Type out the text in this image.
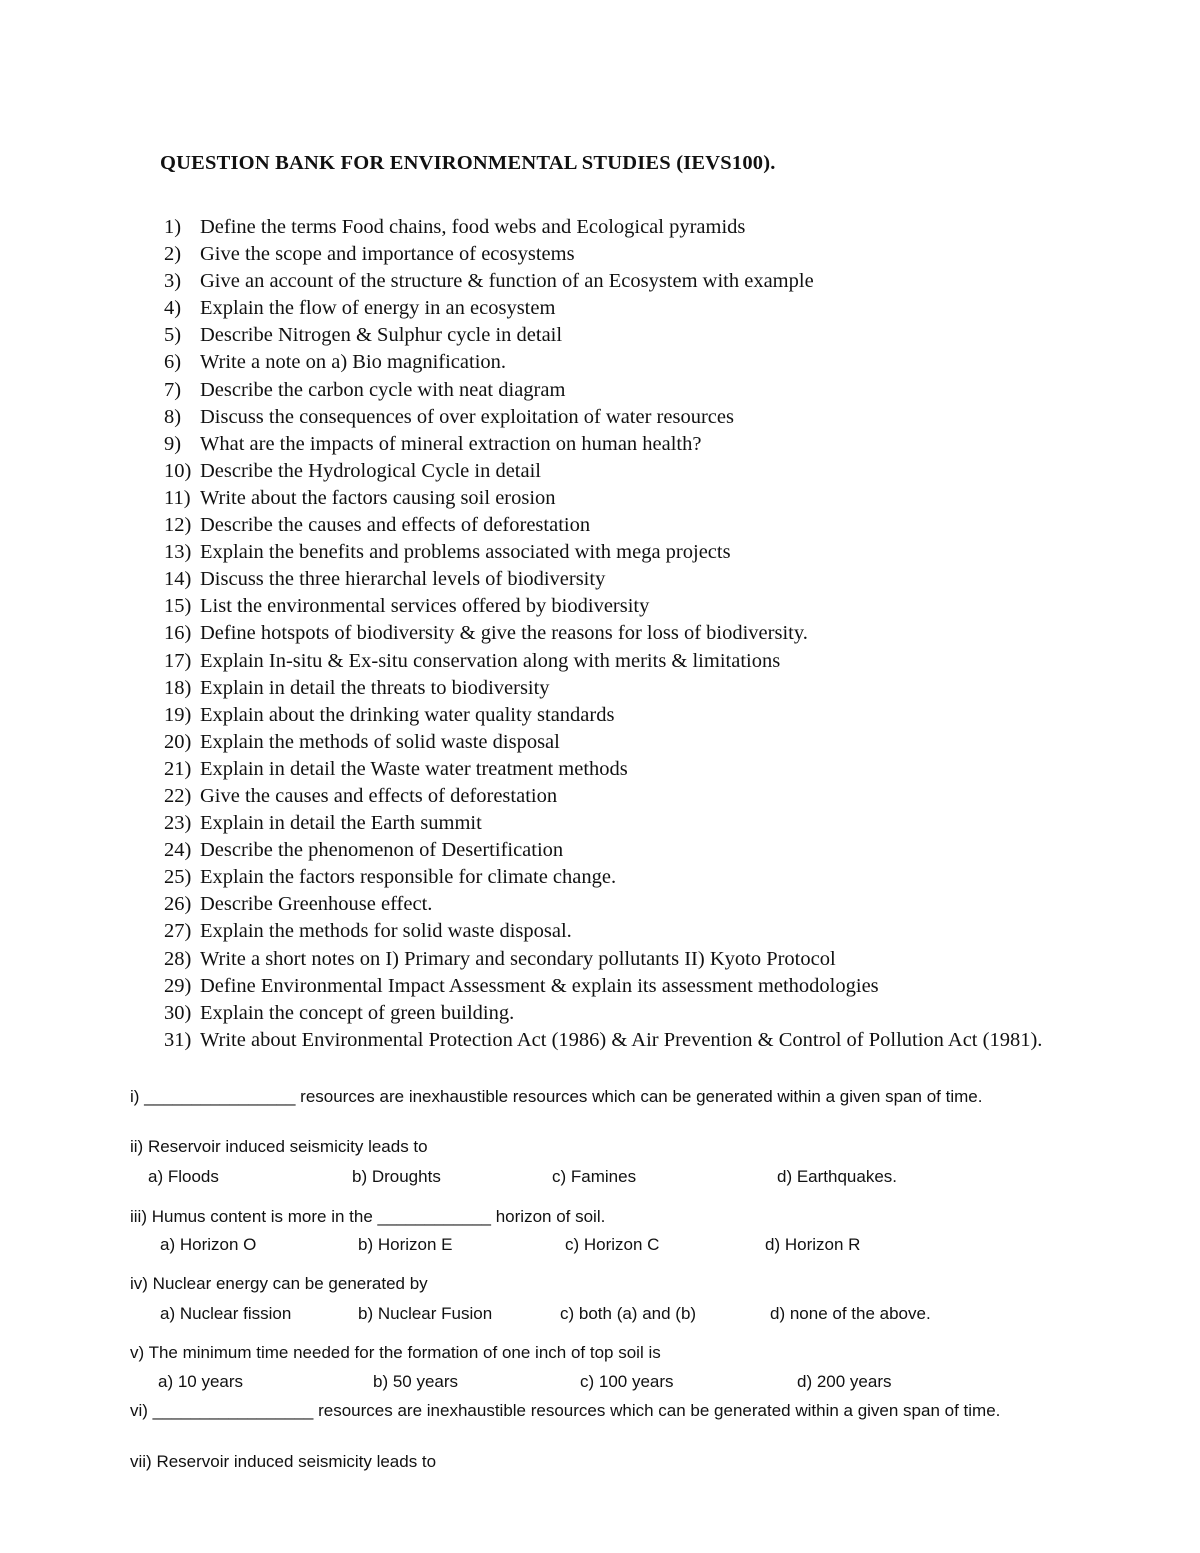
QUESTION BANK FOR ENVIRONMENTAL STUDIES (IEVS100).
1) Define the terms Food chains, food webs and Ecological pyramids
2) Give the scope and importance of ecosystems
3) Give an account of the structure & function of an Ecosystem with example
4) Explain the flow of energy in an ecosystem
5) Describe Nitrogen & Sulphur cycle in detail
6) Write a note on a) Bio magnification.
7) Describe the carbon cycle with neat diagram
8) Discuss the consequences of over exploitation of water resources
9) What are the impacts of mineral extraction on human health?
10) Describe the Hydrological Cycle in detail
11) Write about the factors causing soil erosion
12) Describe the causes and effects of deforestation
13) Explain the benefits and problems associated with mega projects
14) Discuss the three hierarchal levels of biodiversity
15) List the environmental services offered by biodiversity
16) Define hotspots of biodiversity & give the reasons for loss of biodiversity.
17) Explain In-situ & Ex-situ conservation along with merits & limitations
18) Explain in detail the threats to biodiversity
19) Explain about the drinking water quality standards
20) Explain the methods of solid waste disposal
21) Explain in detail the Waste water treatment methods
22) Give the causes and effects of deforestation
23) Explain in detail the Earth summit
24) Describe the phenomenon of Desertification
25) Explain the factors responsible for climate change.
26) Describe Greenhouse effect.
27) Explain the methods for solid waste disposal.
28) Write a short notes on I) Primary and secondary pollutants II) Kyoto Protocol
29) Define Environmental Impact Assessment & explain its assessment methodologies
30) Explain the concept of green building.
31) Write about Environmental Protection Act (1986) & Air Prevention & Control of Pollution Act (1981).

i) ________________ resources are inexhaustible resources which can be generated within a given span of time.

ii) Reservoir induced seismicity leads to

a) Floods	b) Droughts	c) Famines	d) Earthquakes.

iii) Humus content is more in the ____________ horizon of soil.

a) Horizon O	b) Horizon E	c) Horizon C	d) Horizon R

iv) Nuclear energy can be generated by

a) Nuclear fission	b) Nuclear Fusion	c) both (a) and (b)	d) none of the above.

v) The minimum time needed for the formation of one inch of top soil is

a) 10 years	b) 50 years	c) 100 years	d) 200 years

vi) _________________ resources are inexhaustible resources which can be generated within a given span of time.

vii) Reservoir induced seismicity leads to
